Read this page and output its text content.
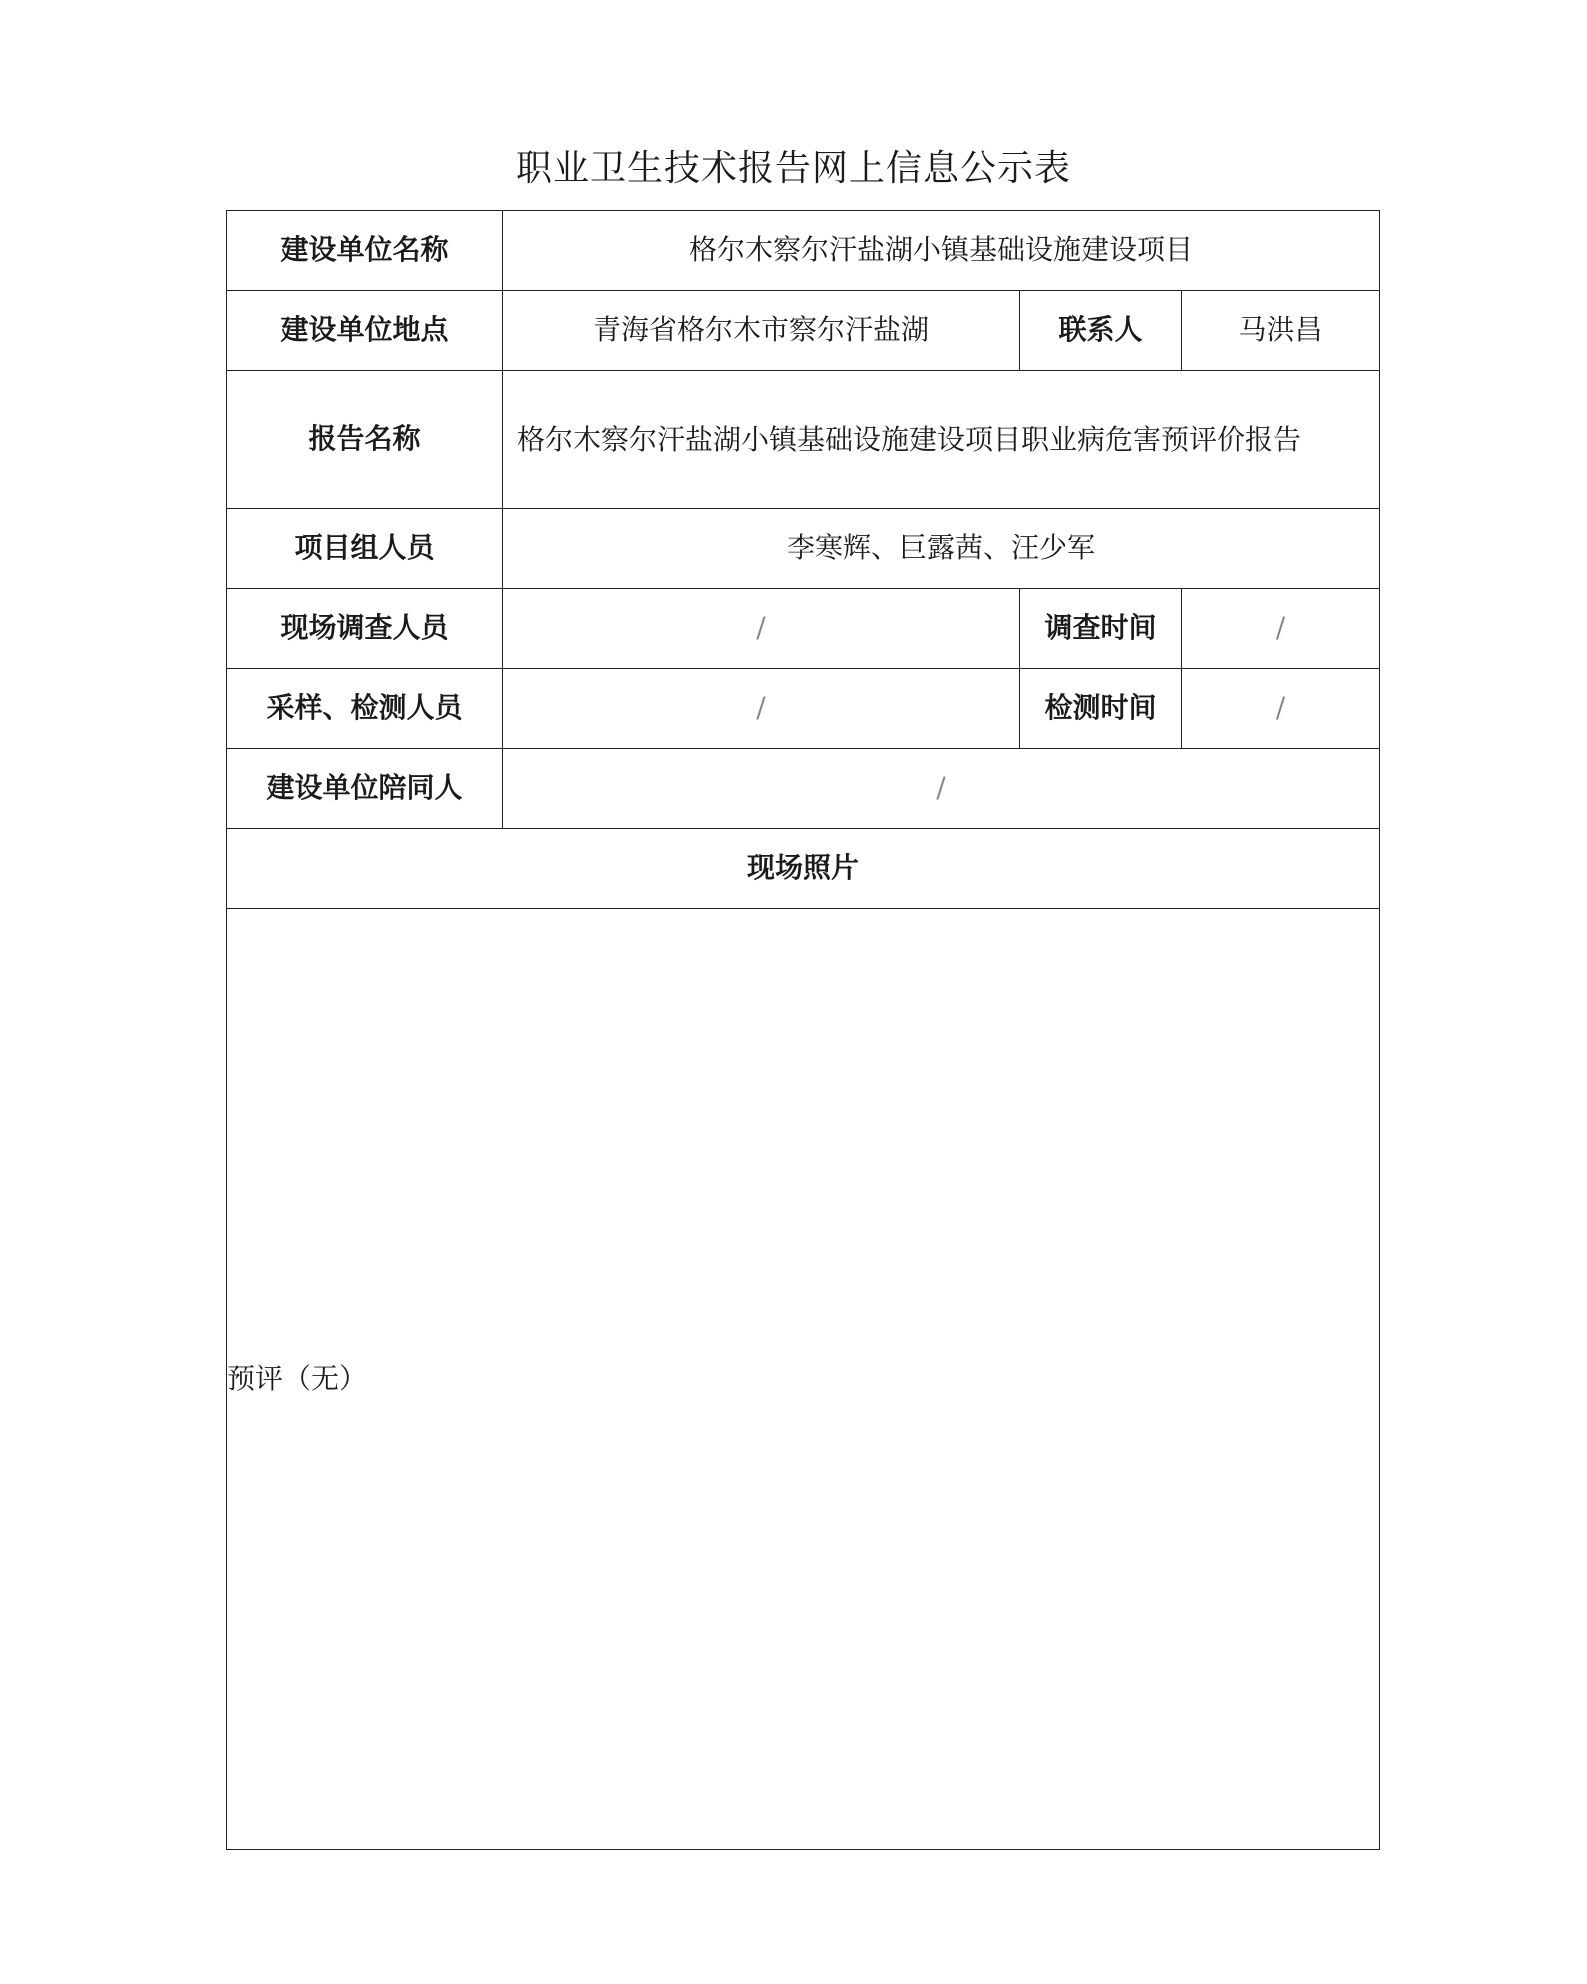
职业卫生技术报告网上信息公示表
建设单位名称	格尔木察尔汗盐湖小镇基础设施建设项目		
建设单位地点	青海省格尔木市察尔汗盐湖	联系人	马洪昌
报告名称	格尔木察尔汗盐湖小镇基础设施建设项目职业病危害预评价报告		
项目组人员	李寒辉、巨露茜、汪少军		
现场调查人员	/	调查时间	/
采样、检测人员	/	检测时间	/
建设单位陪同人	/		
现场照片			
预评（无）			
